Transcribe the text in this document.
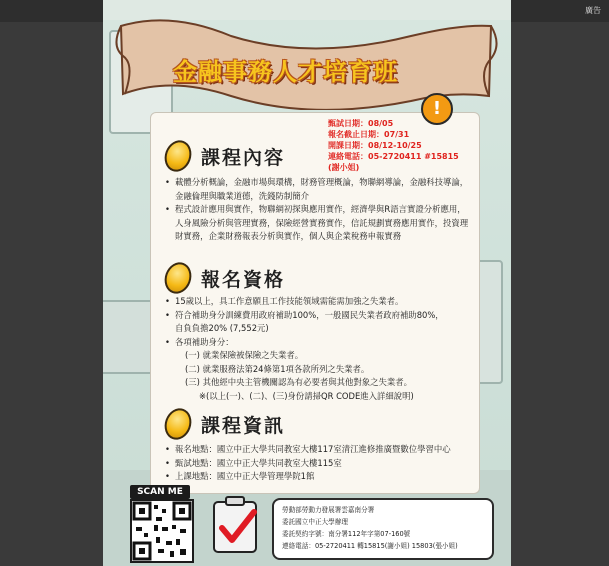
廣告
金融事務人才培育班
!
甄試日期：08/05
報名截止日期：07/31
開課日期：08/12-10/25
連絡電話：05-2720411 #15815
(謝小姐)
課程內容
• 載體分析概論，金融市場與環構，財務管理概論，物聯網導論，金融科技導論，金融倫理與職業道德，洗錢防制簡介
• 程式設計應用與實作，物聯網初探與應用實作，經濟學與R語言實證分析應用，人身風險分析與管理實務，保險經營實務實作，信託規劃實務應用實作，投資理財實務，企業財務報表分析與實作，個人與企業稅務申報實務
報名資格
• 15歲以上，具工作意願且工作技能領域需能需加強之失業者。
• 符合補助身分訓練費用政府補助100%，一般國民失業者政府補助80%，
自負負擔20% (7,552元)
• 各項補助身分：
(一) 就業保險被保險之失業者。
(二) 就業服務法第24條第1項各款所列之失業者。
(三) 其他經中央主管機關認為有必要者與其他對象之失業者。
※(以上(一)、(二)、(三)身份請掃QR CODE進入詳細說明)
課程資訊
• 報名地點：國立中正大學共同教室大樓117室清江進修推廣暨數位學習中心
• 甄試地點：國立中正大學共同教室大樓115室
• 上課地點：國立中正大學管理學院1館
SCAN ME
勞動部勞動力發展署雲嘉南分署
委託國立中正大學辦理
委託契約字號：南分署112年字第07-160號
連絡電話：05-2720411 轉15815(謝小姐) 15803(張小姐)
